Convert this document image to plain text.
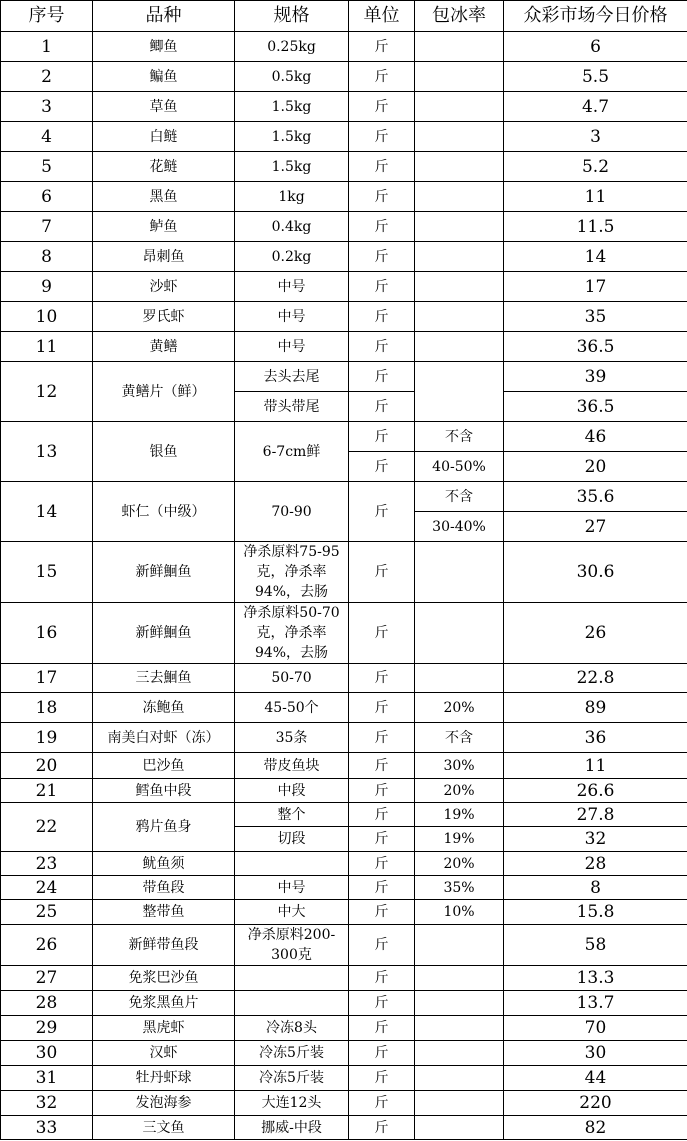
序号	品种	规格	单位	包冰率	众彩市场今日价格
1	鲫鱼	0.25kg	斤		6
2	鳊鱼	0.5kg	斤		5.5
3	草鱼	1.5kg	斤		4.7
4	白鲢	1.5kg	斤		3
5	花鲢	1.5kg	斤		5.2
6	黑鱼	1kg	斤		11
7	鲈鱼	0.4kg	斤		11.5
8	昂刺鱼	0.2kg	斤		14
9	沙虾	中号	斤		17
10	罗氏虾	中号	斤		35
11	黄鳝	中号	斤		36.5
12	黄鳝片（鲜）	去头去尾	斤		39
		带头带尾	斤		36.5
13	银鱼	6-7cm鲜	斤	不含	46
			斤	40-50%	20
14	虾仁（中级）	70-90	斤	不含	35.6
				30-40%	27
15	新鲜鮰鱼	净杀原料75-95克，净杀率94%，去肠	斤		30.6
16	新鲜鮰鱼	净杀原料50-70克，净杀率94%，去肠	斤		26
17	三去鮰鱼	50-70	斤		22.8
18	冻鲍鱼	45-50个	斤	20%	89
19	南美白对虾（冻）	35条	斤	不含	36
20	巴沙鱼	带皮鱼块	斤	30%	11
21	鳕鱼中段	中段	斤	20%	26.6
22	鸦片鱼身	整个	斤	19%	27.8
		切段	斤	19%	32
23	鱿鱼须		斤	20%	28
24	带鱼段	中号	斤	35%	8
25	整带鱼	中大	斤	10%	15.8
26	新鲜带鱼段	净杀原料200-300克	斤		58
27	免浆巴沙鱼		斤		13.3
28	免浆黑鱼片		斤		13.7
29	黑虎虾	冷冻8头	斤		70
30	汉虾	冷冻5斤装	斤		30
31	牡丹虾球	冷冻5斤装	斤		44
32	发泡海参	大连12头	斤		220
33	三文鱼	挪威-中段	斤		82
